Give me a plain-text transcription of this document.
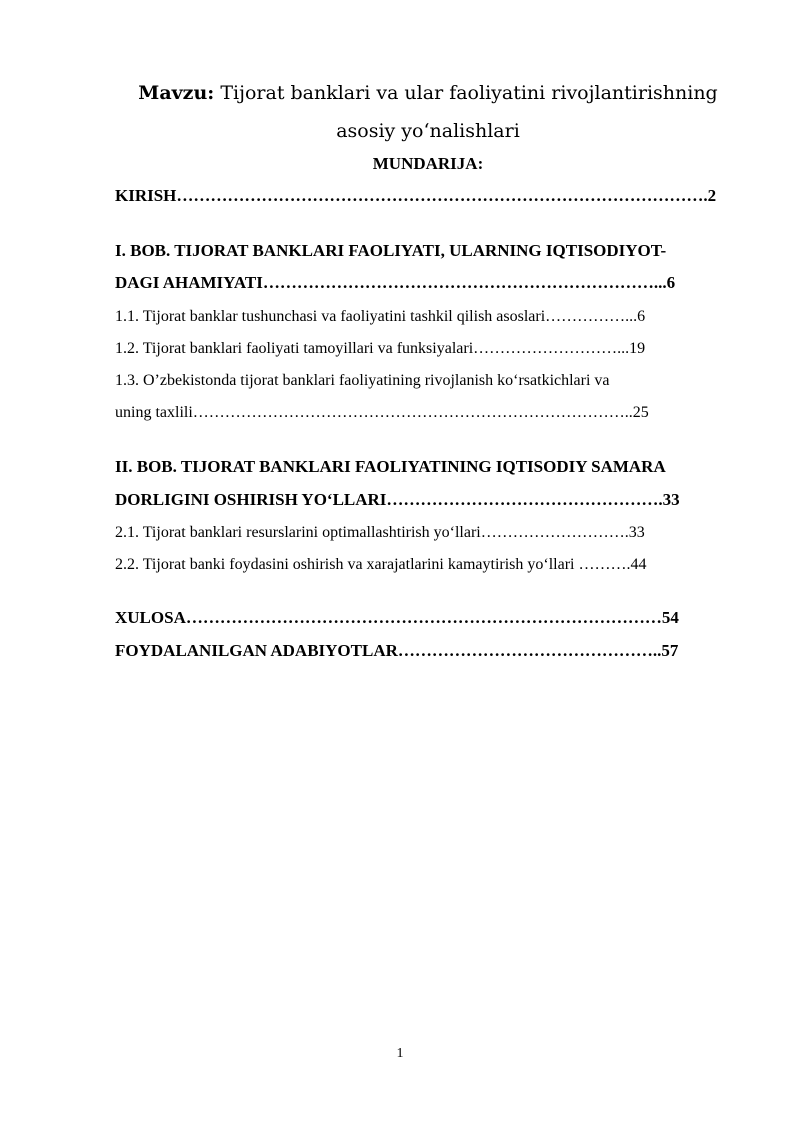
Mavzu: Tijorat banklari va ular faoliyatini rivojlantirishning asosiy yoʻnalishlari
MUNDARIJA:
KIRISH………………………………………………………………………………….2
I. BOB. TIJORAT BANKLARI FAOLIYATI, ULARNING IQTISODIYOT-
DAGI AHAMIYATI……………………………………………………………...6
1.1. Tijorat banklar tushunchasi va faoliyatini tashkil qilish asoslari……………...6
1.2. Tijorat banklari faoliyati tamoyillari va funksiyalari………………………...19
1.3. O’zbekistonda tijorat banklari faoliyatining rivojlanish koʻrsatkichlari va
uning taxlili………………………………………………………………………..25
II. BOB. TIJORAT BANKLARI FAOLIYATINING IQTISODIY SAMARA
DORLIGINI OSHIRISH YOʻLLARI………………………………………….33
2.1. Tijorat banklari resurslarini optimallashtirish yoʻllari……………………….33
2.2. Tijorat banki foydasini oshirish va xarajatlarini kamaytirish yoʻllari ……….44
XULOSA…………………………………………………………………………54
FOYDALANILGAN ADABIYOTLAR………………………………………..57
1
